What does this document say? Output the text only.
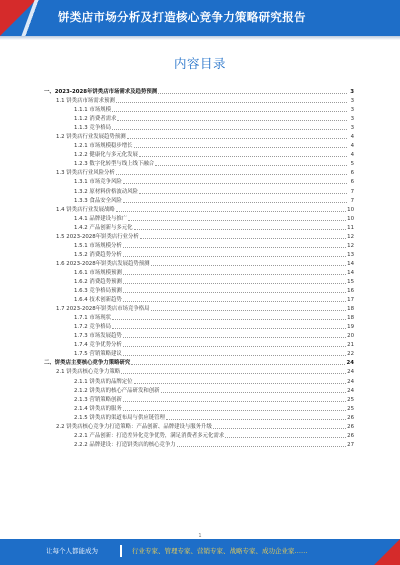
饼类店市场分析及打造核心竞争力策略研究报告
内容目录
一、2023-2028年饼类店市场需求及趋势预测	3
1.1 饼类店市场需求预测	3
1.1.1 市场规模	3
1.1.2 消费者需求	3
1.1.3 竞争格局	3
1.2 饼类店行业发展趋势预测	4
1.2.1 市场规模稳步增长	4
1.2.2 健康化与多元化发展	4
1.2.3 数字化转型与线上线下融合	5
1.3 饼类店行业风险分析	6
1.3.1 市场竞争风险	6
1.3.2 原材料价格波动风险	7
1.3.3 食品安全风险	7
1.4 饼类店行业发展战略	10
1.4.1 品牌建设与推广	10
1.4.2 产品创新与多元化	11
1.5 2023-2028年饼类店行业分析	12
1.5.1 市场规模分析	12
1.5.2 消费趋势分析	13
1.6 2023-2028年饼类店发展趋势预测	14
1.6.1 市场规模预测	14
1.6.2 消费趋势预测	15
1.6.3 竞争格局预测	16
1.6.4 技术创新趋势	17
1.7 2023-2028年饼类店市场竞争格局	18
1.7.1 市场现状	18
1.7.2 竞争格局	19
1.7.3 市场发展趋势	20
1.7.4 竞争优势分析	21
1.7.5 营销策略建议	22
二、饼类店主要核心竞争力策略研究	24
2.1 饼类店核心竞争力策略	24
2.1.1 饼类店的品牌定位	24
2.1.2 饼类店的核心产品研发和创新	24
2.1.3 营销策略创新	25
2.1.4 饼类店的服务	25
2.1.5 饼类店的渠道布局与供应链管理	26
2.2 饼类店核心竞争力打造策略：产品创新、品牌建设与服务升级	26
2.2.1 产品创新：打造差异化竞争优势，满足消费者多元化需求	26
2.2.2 品牌建设：打造饼类店的核心竞争力	27
1
让每个人都能成为	行业专家、管理专家、营销专家、战略专家、成功企业家……
